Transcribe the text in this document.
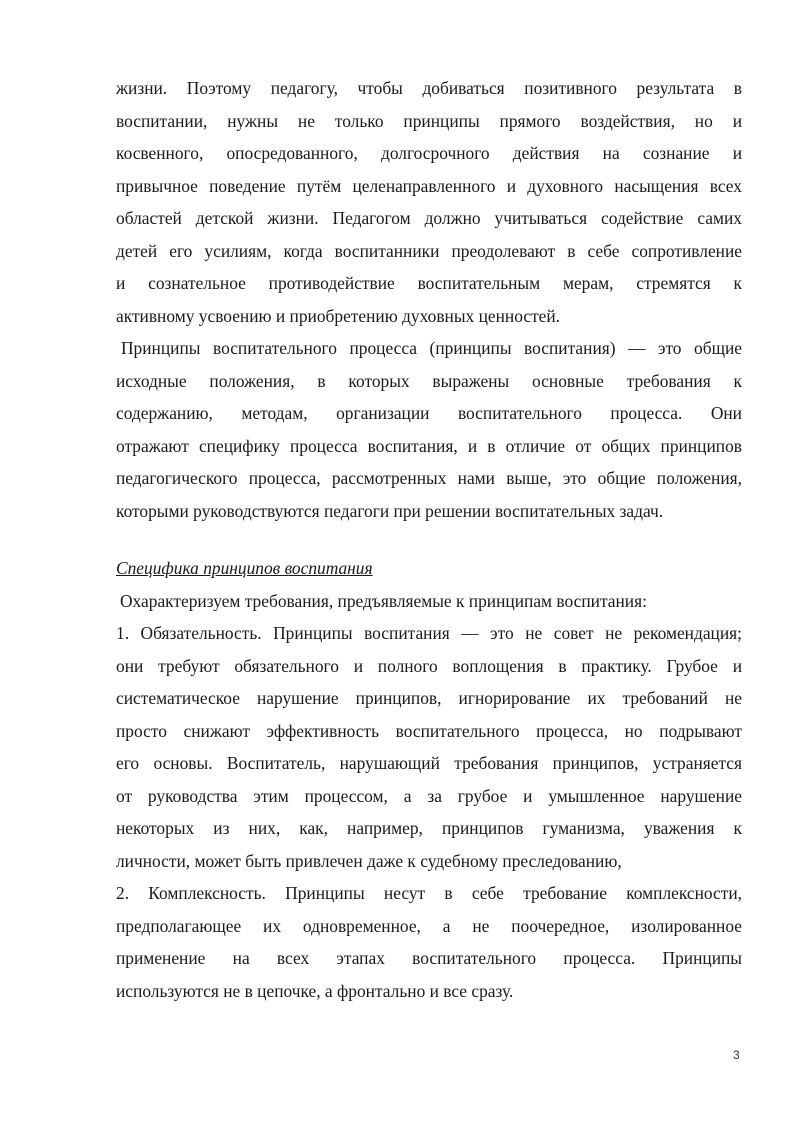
жизни. Поэтому педагогу, чтобы добиваться позитивного результата в
воспитании, нужны не только принципы прямого воздействия, но и
косвенного, опосредованного, долгосрочного действия на сознание и
привычное поведение путём целенаправленного и духовного насыщения всех
областей детской жизни. Педагогом должно учитываться содействие самих
детей его усилиям, когда воспитанники преодолевают в себе сопротивление
и сознательное противодействие воспитательным мерам, стремятся к
активному усвоению и приобретению духовных ценностей.
Принципы воспитательного процесса (принципы воспитания) — это общие
исходные положения, в которых выражены основные требования к
содержанию, методам, организации воспитательного процесса. Они
отражают специфику процесса воспитания, и в отличие от общих принципов
педагогического процесса, рассмотренных нами выше, это общие положения,
которыми руководствуются педагоги при решении воспитательных задач.
Специфика принципов воспитания
Охарактеризуем требования, предъявляемые к принципам воспитания:
1. Обязательность. Принципы воспитания — это не совет не рекомендация;
они требуют обязательного и полного воплощения в практику. Грубое и
систематическое нарушение принципов, игнорирование их требований не
просто снижают эффективность воспитательного процесса, но подрывают
его основы. Воспитатель, нарушающий требования принципов, устраняется
от руководства этим процессом, а за грубое и умышленное нарушение
некоторых из них, как, например, принципов гуманизма, уважения к
личности, может быть привлечен даже к судебному преследованию,
2. Комплексность. Принципы несут в себе требование комплексности,
предполагающее их одновременное, а не поочередное, изолированное
применение на всех этапах воспитательного процесса. Принципы
используются не в цепочке, а фронтально и все сразу.
3
